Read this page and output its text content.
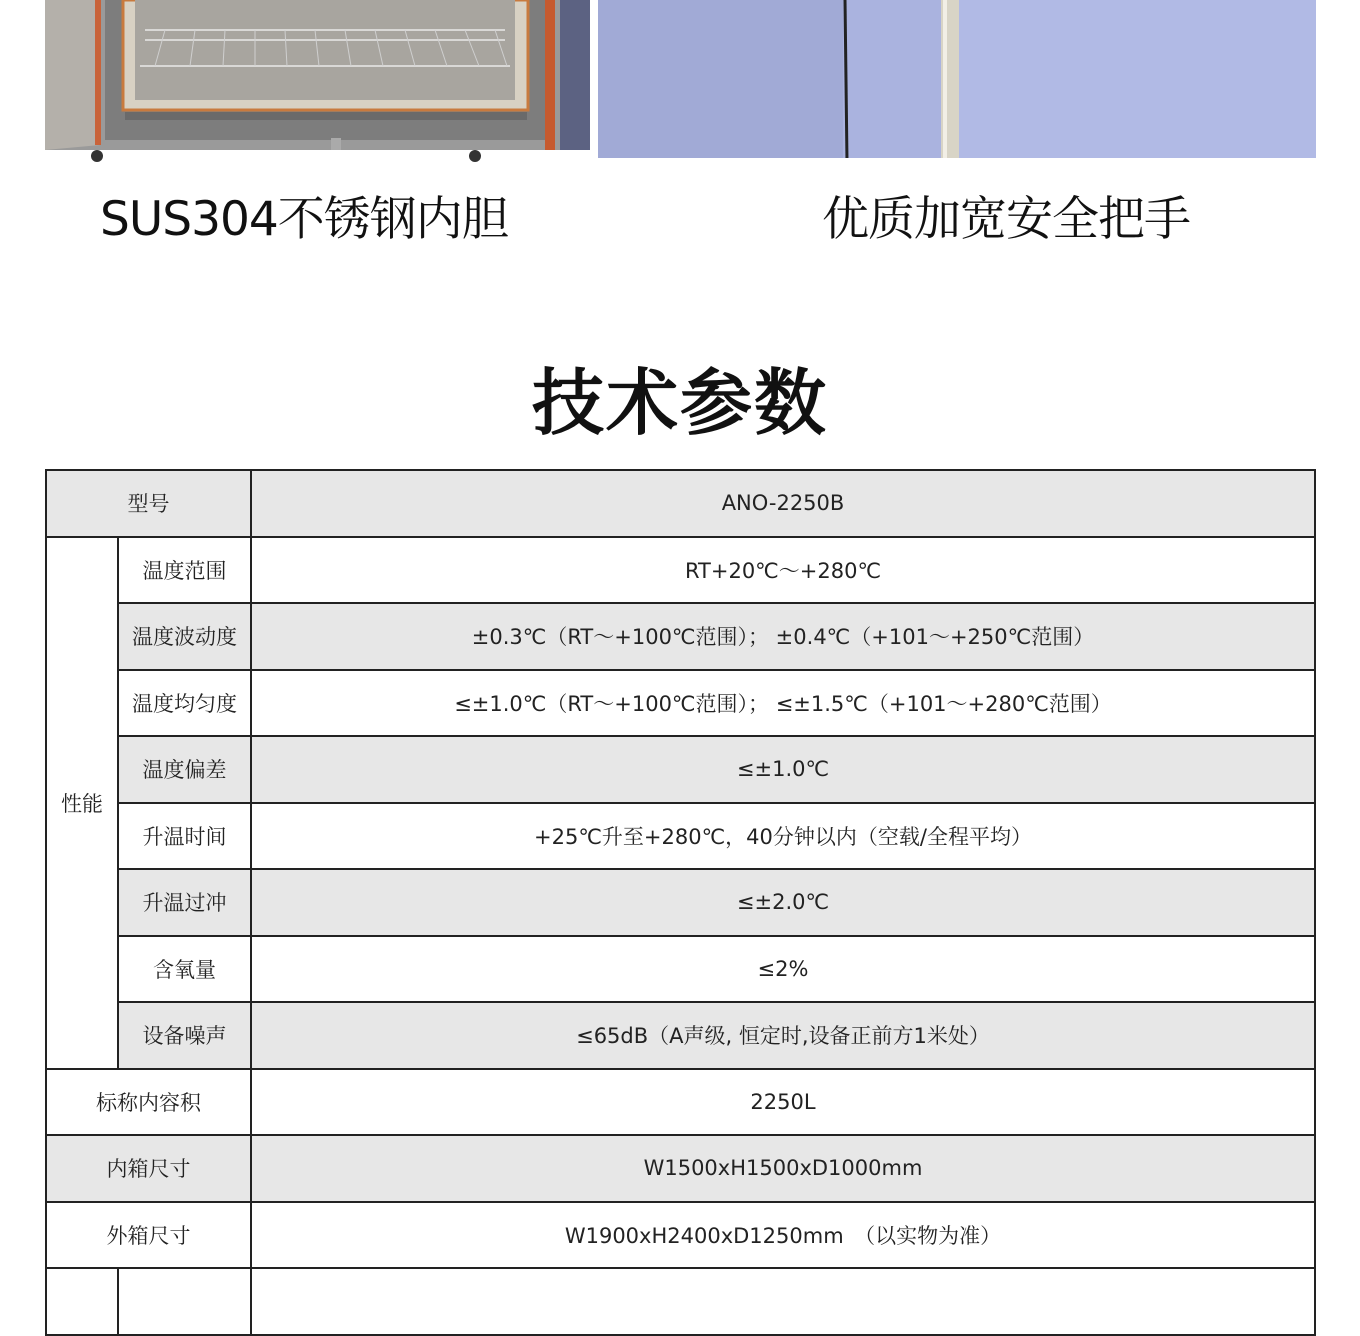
SUS304不锈钢内胆	优质加宽安全把手
技术参数
型号		ANO-2250B
性能	温度范围	RT+20℃～+280℃
	温度波动度	±0.3℃（RT～+100℃范围）； ±0.4℃（+101～+250℃范围）
	温度均匀度	≤±1.0℃（RT～+100℃范围）； ≤±1.5℃（+101～+280℃范围）
	温度偏差	≤±1.0℃
	升温时间	+25℃升至+280℃，40分钟以内（空载/全程平均）
	升温过冲	≤±2.0℃
	含氧量	≤2%
	设备噪声	≤65dB（A声级, 恒定时,设备正前方1米处）
标称内容积		2250L
内箱尺寸		W1500xH1500xD1000mm
外箱尺寸		W1900xH2400xD1250mm　（以实物为准）
